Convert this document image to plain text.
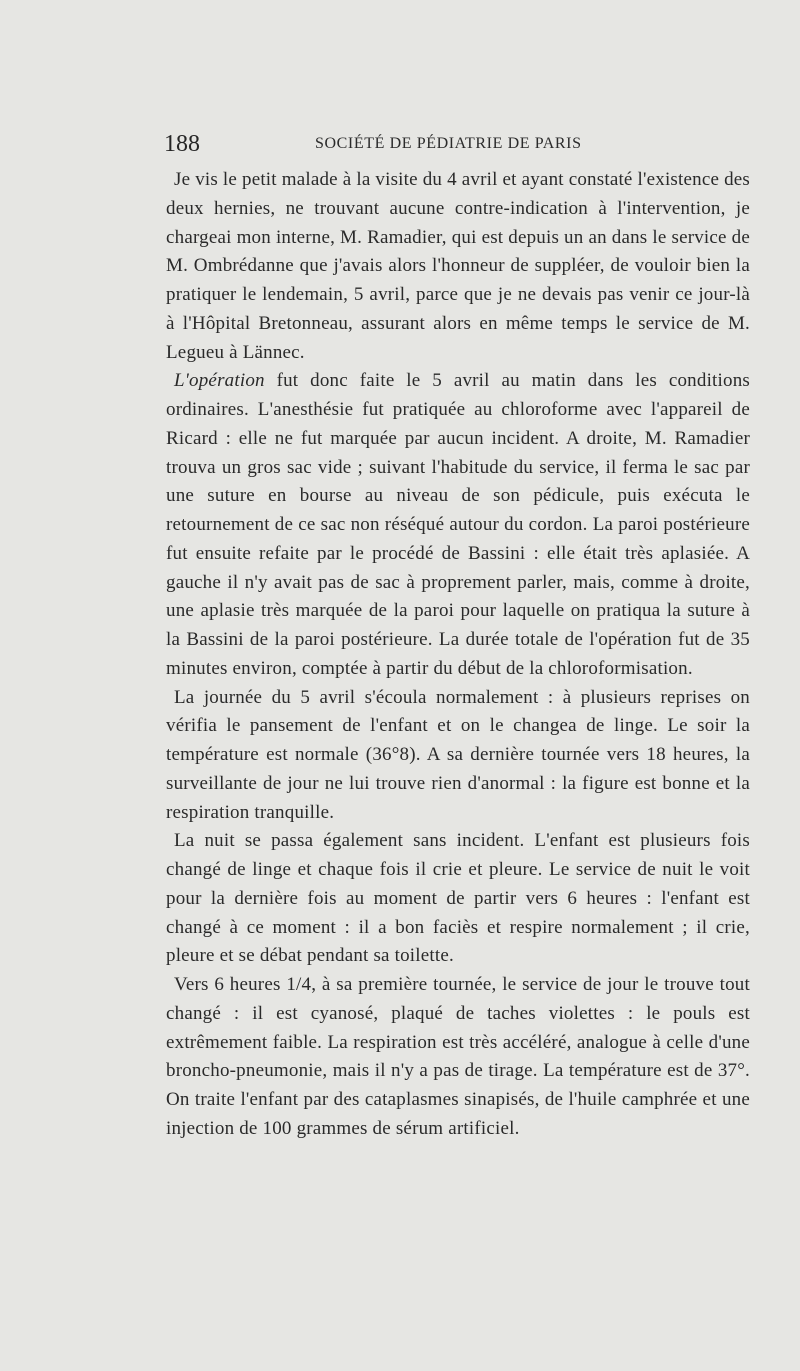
188	SOCIÉTÉ DE PÉDIATRIE DE PARIS

Je vis le petit malade à la visite du 4 avril et ayant constaté l'existence des deux hernies, ne trouvant aucune contre-indication à l'intervention, je chargeai mon interne, M. Ramadier, qui est depuis un an dans le service de M. Ombrédanne que j'avais alors l'honneur de suppléer, de vouloir bien la pratiquer le lendemain, 5 avril, parce que je ne devais pas venir ce jour-là à l'Hôpital Bretonneau, assurant alors en même temps le service de M. Legueu à Lännec.

L'opération fut donc faite le 5 avril au matin dans les conditions ordinaires. L'anesthésie fut pratiquée au chloroforme avec l'appareil de Ricard : elle ne fut marquée par aucun incident. A droite, M. Ramadier trouva un gros sac vide ; suivant l'habitude du service, il ferma le sac par une suture en bourse au niveau de son pédicule, puis exécuta le retournement de ce sac non réséqué autour du cordon. La paroi postérieure fut ensuite refaite par le procédé de Bassini : elle était très aplasiée. A gauche il n'y avait pas de sac à proprement parler, mais, comme à droite, une aplasie très marquée de la paroi pour laquelle on pratiqua la suture à la Bassini de la paroi postérieure. La durée totale de l'opération fut de 35 minutes environ, comptée à partir du début de la chloroformisation.

La journée du 5 avril s'écoula normalement : à plusieurs reprises on vérifia le pansement de l'enfant et on le changea de linge. Le soir la température est normale (36°8). A sa dernière tournée vers 18 heures, la surveillante de jour ne lui trouve rien d'anormal : la figure est bonne et la respiration tranquille.

La nuit se passa également sans incident. L'enfant est plusieurs fois changé de linge et chaque fois il crie et pleure. Le service de nuit le voit pour la dernière fois au moment de partir vers 6 heures : l'enfant est changé à ce moment : il a bon faciès et respire normalement ; il crie, pleure et se débat pendant sa toilette.

Vers 6 heures 1/4, à sa première tournée, le service de jour le trouve tout changé : il est cyanosé, plaqué de taches violettes : le pouls est extrêmement faible. La respiration est très accéléré, analogue à celle d'une broncho-pneumonie, mais il n'y a pas de tirage. La température est de 37°. On traite l'enfant par des cataplasmes sinapisés, de l'huile camphrée et une injection de 100 grammes de sérum artificiel.
